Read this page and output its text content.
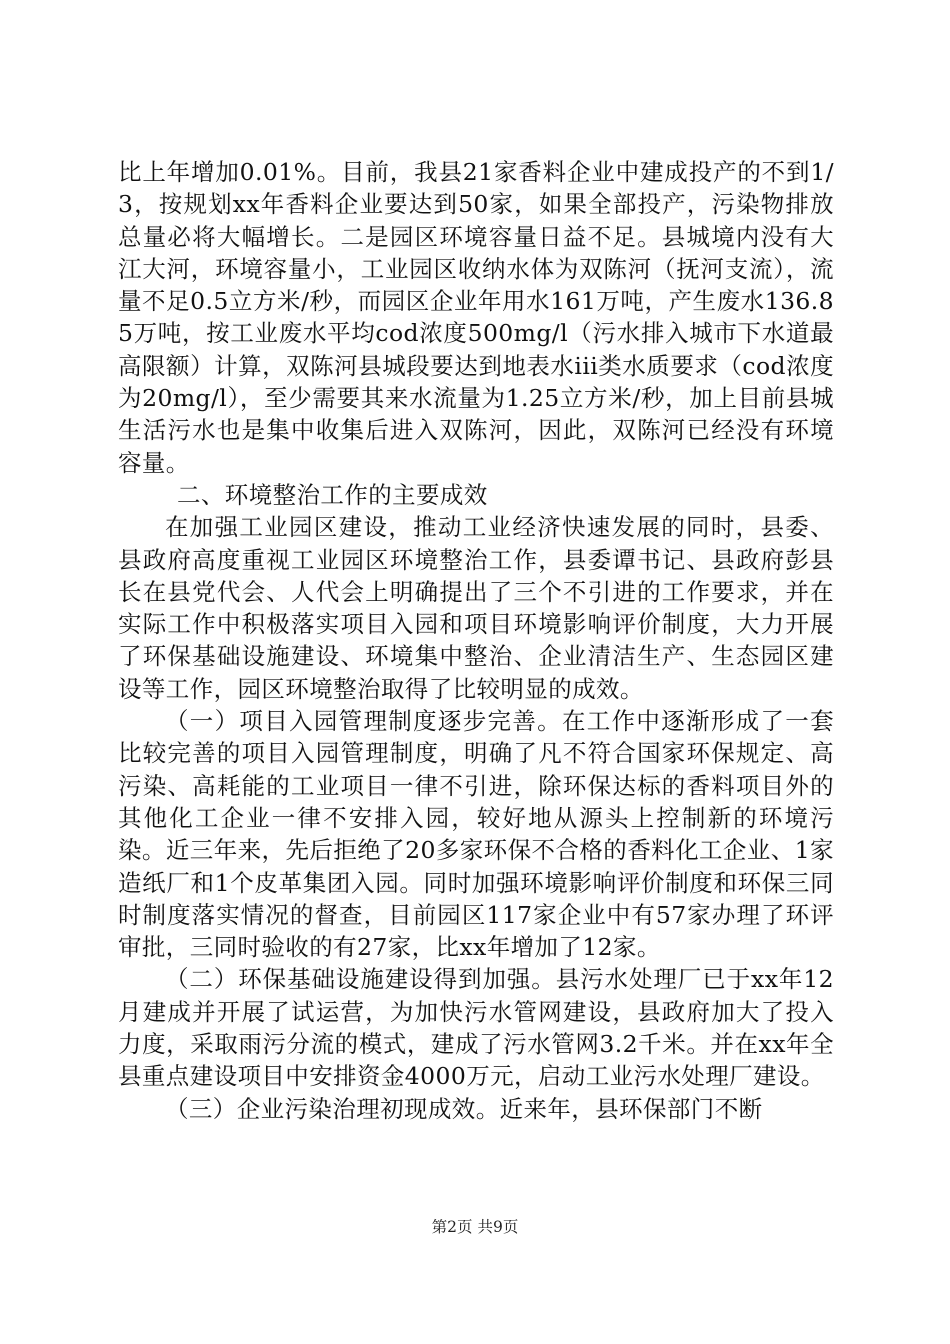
比上年增加0.01%。目前，我县21家香料企业中建成投产的不到1/3，按规划xx年香料企业要达到50家，如果全部投产，污染物排放总量必将大幅增长。二是园区环境容量日益不足。县城境内没有大江大河，环境容量小，工业园区收纳水体为双陈河（抚河支流），流量不足0.5立方米/秒，而园区企业年用水161万吨，产生废水136.85万吨，按工业废水平均cod浓度500mg/l（污水排入城市下水道最高限额）计算，双陈河县城段要达到地表水iii类水质要求（cod浓度为20mg/l），至少需要其来水流量为1.25立方米/秒，加上目前县城生活污水也是集中收集后进入双陈河，因此，双陈河已经没有环境容量。

二、环境整治工作的主要成效

在加强工业园区建设，推动工业经济快速发展的同时，县委、县政府高度重视工业园区环境整治工作，县委谭书记、县政府彭县长在县党代会、人代会上明确提出了三个不引进的工作要求，并在实际工作中积极落实项目入园和项目环境影响评价制度，大力开展了环保基础设施建设、环境集中整治、企业清洁生产、生态园区建设等工作，园区环境整治取得了比较明显的成效。

（一）项目入园管理制度逐步完善。在工作中逐渐形成了一套比较完善的项目入园管理制度，明确了凡不符合国家环保规定、高污染、高耗能的工业项目一律不引进，除环保达标的香料项目外的其他化工企业一律不安排入园，较好地从源头上控制新的环境污染。近三年来，先后拒绝了20多家环保不合格的香料化工企业、1家造纸厂和1个皮革集团入园。同时加强环境影响评价制度和环保三同时制度落实情况的督查，目前园区117家企业中有57家办理了环评审批，三同时验收的有27家，比xx年增加了12家。

（二）环保基础设施建设得到加强。县污水处理厂已于xx年12月建成并开展了试运营，为加快污水管网建设，县政府加大了投入力度，采取雨污分流的模式，建成了污水管网3.2千米。并在xx年全县重点建设项目中安排资金4000万元，启动工业污水处理厂建设。

（三）企业污染治理初现成效。近来年，县环保部门不断

第2页 共9页
